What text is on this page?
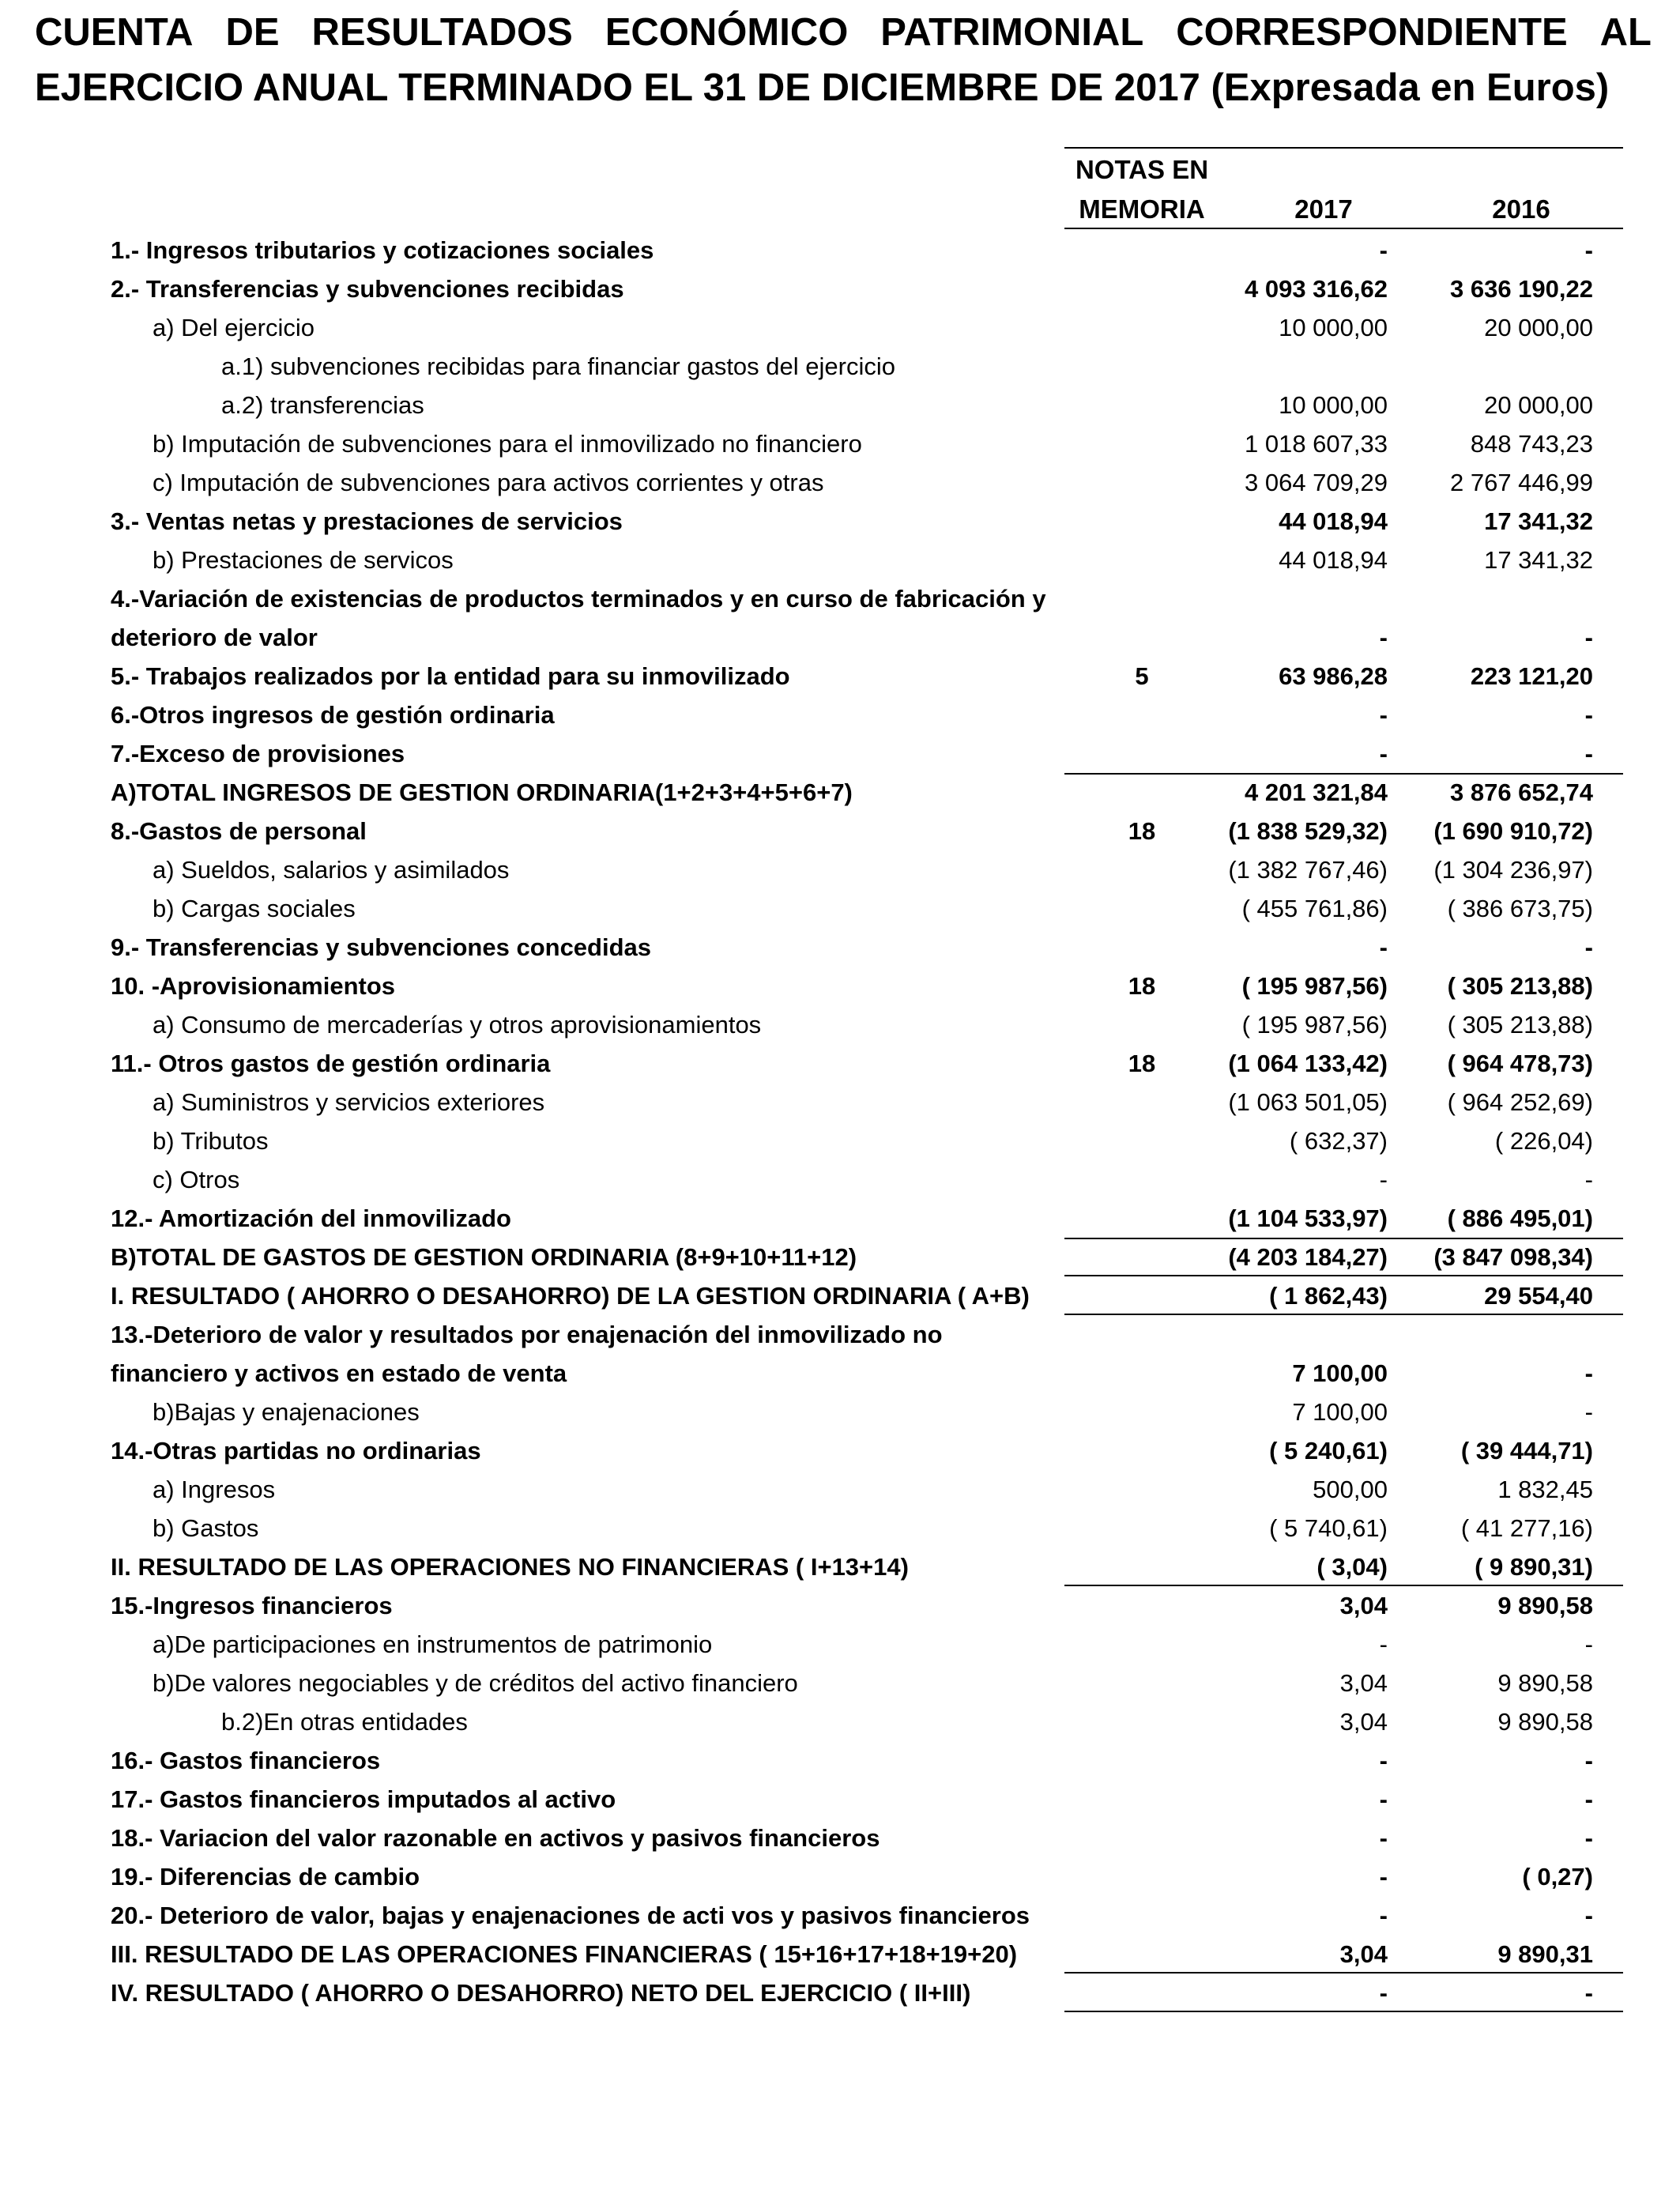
CUENTA DE RESULTADOS ECONÓMICO PATRIMONIAL CORRESPONDIENTE AL
EJERCICIO ANUAL TERMINADO EL 31 DE DICIEMBRE DE 2017 (Expresada en Euros)
NOTAS EN
MEMORIA	2017	2016
1.- Ingresos tributarios y cotizaciones sociales	-	-
2.- Transferencias y subvenciones recibidas	4 093 316,62	3 636 190,22
a) Del ejercicio	10 000,00	20 000,00
a.1) subvenciones recibidas para financiar gastos del ejercicio
a.2) transferencias	10 000,00	20 000,00
b) Imputación de subvenciones para el inmovilizado no financiero	1 018 607,33	848 743,23
c) Imputación de subvenciones para activos corrientes y otras	3 064 709,29	2 767 446,99
3.- Ventas netas y prestaciones de servicios	44 018,94	17 341,32
b) Prestaciones de servicos	44 018,94	17 341,32
4.-Variación de existencias de productos terminados y en curso de fabricación y
deterioro de valor	-	-
5.- Trabajos realizados por la entidad para su inmovilizado	5	63 986,28	223 121,20
6.-Otros ingresos de gestión ordinaria	-	-
7.-Exceso de provisiones	-	-
A)TOTAL INGRESOS DE GESTION ORDINARIA(1+2+3+4+5+6+7)	4 201 321,84	3 876 652,74
8.-Gastos de personal	18	(1 838 529,32)	(1 690 910,72)
a) Sueldos, salarios y asimilados	(1 382 767,46)	(1 304 236,97)
b) Cargas sociales	( 455 761,86)	( 386 673,75)
9.- Transferencias y subvenciones concedidas	-	-
10. -Aprovisionamientos	18	( 195 987,56)	( 305 213,88)
a) Consumo de mercaderías y otros aprovisionamientos	( 195 987,56)	( 305 213,88)
11.- Otros gastos de gestión ordinaria	18	(1 064 133,42)	( 964 478,73)
a) Suministros y servicios exteriores	(1 063 501,05)	( 964 252,69)
b) Tributos	( 632,37)	( 226,04)
c) Otros	-	-
12.- Amortización del inmovilizado	(1 104 533,97)	( 886 495,01)
B)TOTAL DE GASTOS DE GESTION ORDINARIA (8+9+10+11+12)	(4 203 184,27)	(3 847 098,34)
I. RESULTADO ( AHORRO O DESAHORRO) DE LA GESTION ORDINARIA ( A+B)	( 1 862,43)	29 554,40
13.-Deterioro de valor y resultados por enajenación del inmovilizado no
financiero y activos en estado de venta	7 100,00	-
b)Bajas y enajenaciones	7 100,00	-
14.-Otras partidas no ordinarias	( 5 240,61)	( 39 444,71)
a) Ingresos	500,00	1 832,45
b) Gastos	( 5 740,61)	( 41 277,16)
II. RESULTADO DE LAS OPERACIONES NO FINANCIERAS ( I+13+14)	( 3,04)	( 9 890,31)
15.-Ingresos financieros	3,04	9 890,58
a)De participaciones en instrumentos de patrimonio	-	-
b)De valores negociables y de créditos del activo financiero	3,04	9 890,58
b.2)En otras entidades	3,04	9 890,58
16.- Gastos financieros	-	-
17.- Gastos financieros imputados al activo	-	-
18.- Variacion del valor razonable en activos y pasivos financieros	-	-
19.- Diferencias de cambio	-	( 0,27)
20.- Deterioro de valor, bajas y enajenaciones de acti vos y pasivos financieros	-	-
III. RESULTADO DE LAS OPERACIONES FINANCIERAS ( 15+16+17+18+19+20)	3,04	9 890,31
IV. RESULTADO ( AHORRO O DESAHORRO) NETO DEL EJERCICIO ( II+III)	-	-
